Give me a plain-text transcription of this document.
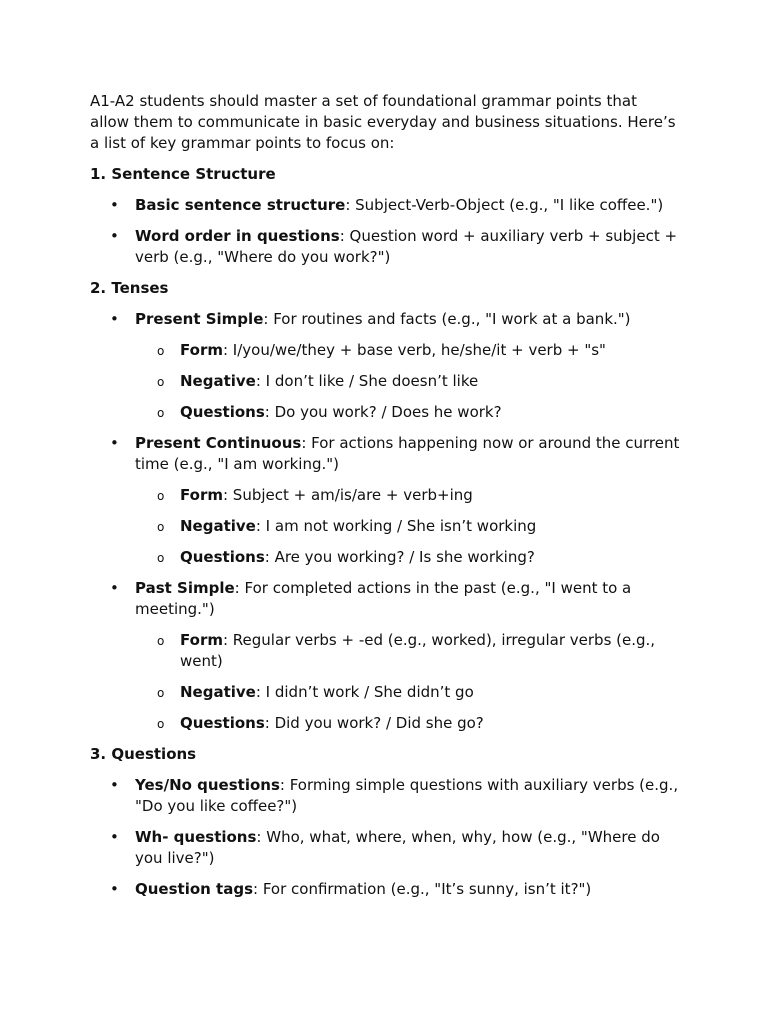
A1-A2 students should master a set of foundational grammar points that allow them to communicate in basic everyday and business situations. Here’s a list of key grammar points to focus on:

1. Sentence Structure

• Basic sentence structure: Subject-Verb-Object (e.g., "I like coffee.")
• Word order in questions: Question word + auxiliary verb + subject + verb (e.g., "Where do you work?")

2. Tenses

• Present Simple: For routines and facts (e.g., "I work at a bank.")
o Form: I/you/we/they + base verb, he/she/it + verb + "s"
o Negative: I don’t like / She doesn’t like
o Questions: Do you work? / Does he work?
• Present Continuous: For actions happening now or around the current time (e.g., "I am working.")
o Form: Subject + am/is/are + verb+ing
o Negative: I am not working / She isn’t working
o Questions: Are you working? / Is she working?
• Past Simple: For completed actions in the past (e.g., "I went to a meeting.")
o Form: Regular verbs + -ed (e.g., worked), irregular verbs (e.g., went)
o Negative: I didn’t work / She didn’t go
o Questions: Did you work? / Did she go?

3. Questions

• Yes/No questions: Forming simple questions with auxiliary verbs (e.g., "Do you like coffee?")
• Wh- questions: Who, what, where, when, why, how (e.g., "Where do you live?")
• Question tags: For confirmation (e.g., "It’s sunny, isn’t it?")
